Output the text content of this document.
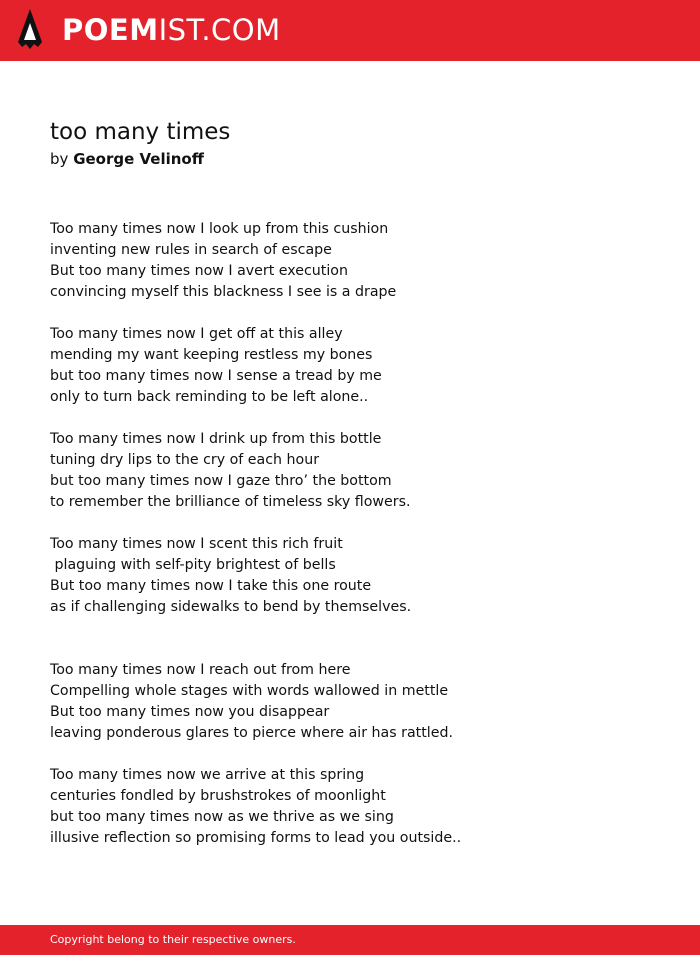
POEMIST.COM
too many times
by George Velinoff
Too many times now I look up from this cushion
inventing new rules in search of escape
But too many times now I avert execution
convincing myself this blackness I see is a drape
Too many times now I get off at this alley
mending my want keeping restless my bones
but too many times now I sense a tread by me
only to turn back reminding to be left alone..
Too many times now I drink up from this bottle
tuning dry lips to the cry of each hour
but too many times now I gaze thro’ the bottom
to remember the brilliance of timeless sky flowers.
Too many times now I scent this rich fruit
plaguing with self-pity brightest of bells
But too many times now I take this one route
as if challenging sidewalks to bend by themselves.
Too many times now I reach out from here
Compelling whole stages with words wallowed in mettle
But too many times now you disappear
leaving ponderous glares to pierce where air has rattled.
Too many times now we arrive at this spring
centuries fondled by brushstrokes of moonlight
but too many times now as we thrive as we sing
illusive reflection so promising forms to lead you outside..
Copyright belong to their respective owners.
